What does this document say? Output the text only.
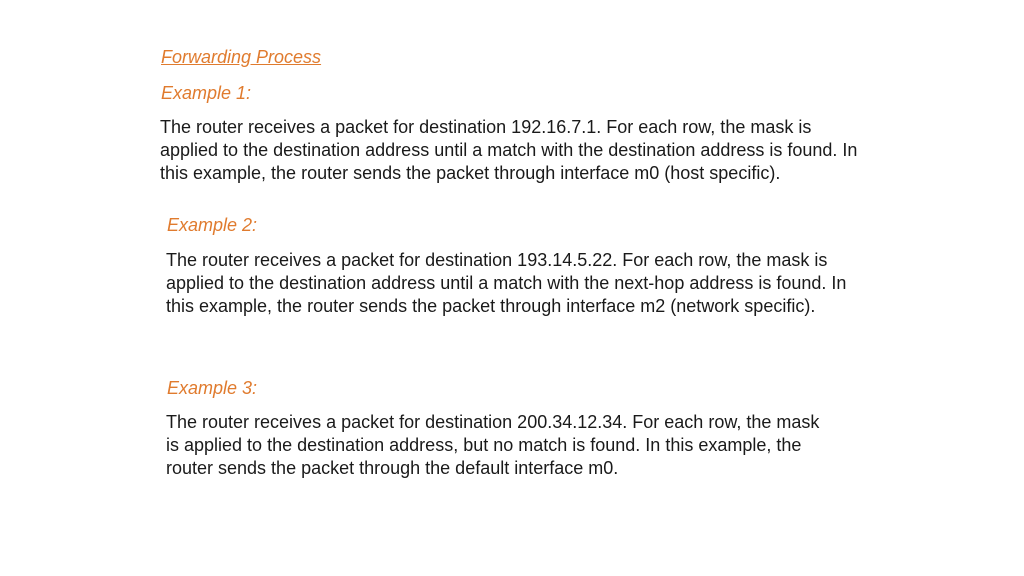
Forwarding Process
Example 1:
The router receives a packet for destination 192.16.7.1. For each row, the mask is applied to the destination address until a match with the destination address is found. In this example, the router sends the packet through interface m0 (host specific).
Example 2:
The router receives a packet for destination 193.14.5.22. For each row, the mask is applied to the destination address until a match with the next-hop address is found. In this example, the router sends the packet through interface m2 (network specific).
Example 3:
The router receives a packet for destination 200.34.12.34. For each row, the mask is applied to the destination address, but no match is found. In this example, the router sends the packet through the default interface m0.
